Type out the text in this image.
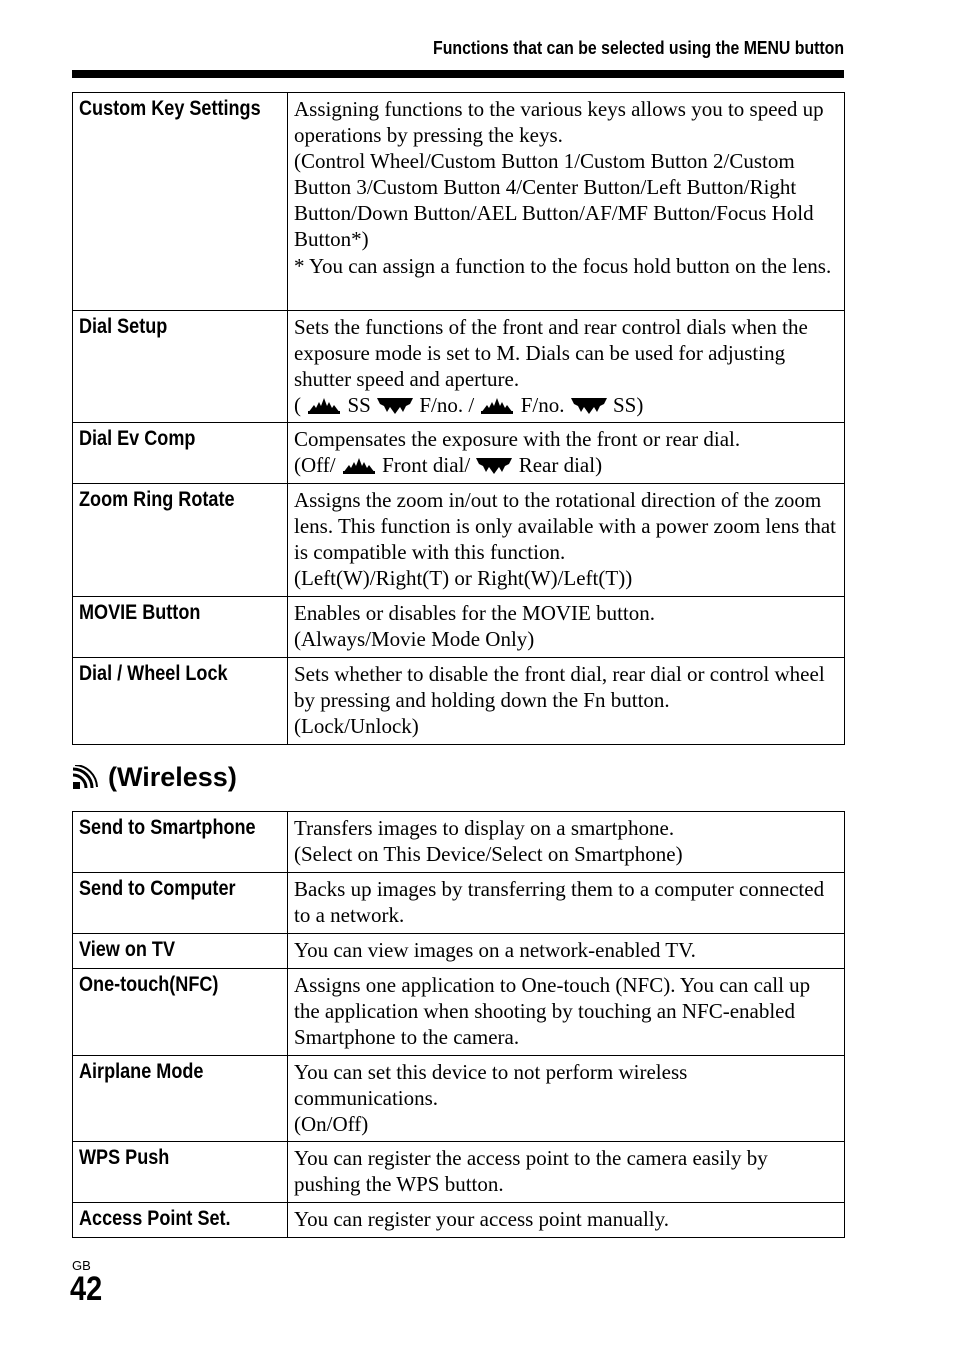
Functions that can be selected using the MENU button
Custom Key Settings	Assigning functions to the various keys allows you to speed up operations by pressing the keys.
(Control Wheel/Custom Button 1/Custom Button 2/Custom Button 3/Custom Button 4/Center Button/Left Button/Right Button/Down Button/AEL Button/AF/MF Button/Focus Hold Button*)
* You can assign a function to the focus hold button on the lens.

Dial Setup	Sets the functions of the front and rear control dials when the exposure mode is set to M. Dials can be used for adjusting shutter speed and aperture.
( SS F/no. / F/no. SS)

Dial Ev Comp	Compensates the exposure with the front or rear dial.
(Off/ Front dial/ Rear dial)

Zoom Ring Rotate	Assigns the zoom in/out to the rotational direction of the zoom lens. This function is only available with a power zoom lens that is compatible with this function.
(Left(W)/Right(T) or Right(W)/Left(T))

MOVIE Button	Enables or disables for the MOVIE button.
(Always/Movie Mode Only)

Dial / Wheel Lock	Sets whether to disable the front dial, rear dial or control wheel by pressing and holding down the Fn button.
(Lock/Unlock)
(Wireless)
Send to Smartphone	Transfers images to display on a smartphone.
(Select on This Device/Select on Smartphone)

Send to Computer	Backs up images by transferring them to a computer connected to a network.

View on TV	You can view images on a network-enabled TV.

One-touch(NFC)	Assigns one application to One-touch (NFC). You can call up the application when shooting by touching an NFC-enabled Smartphone to the camera.

Airplane Mode	You can set this device to not perform wireless communications.
(On/Off)

WPS Push	You can register the access point to the camera easily by pushing the WPS button.

Access Point Set.	You can register your access point manually.
GB
42
